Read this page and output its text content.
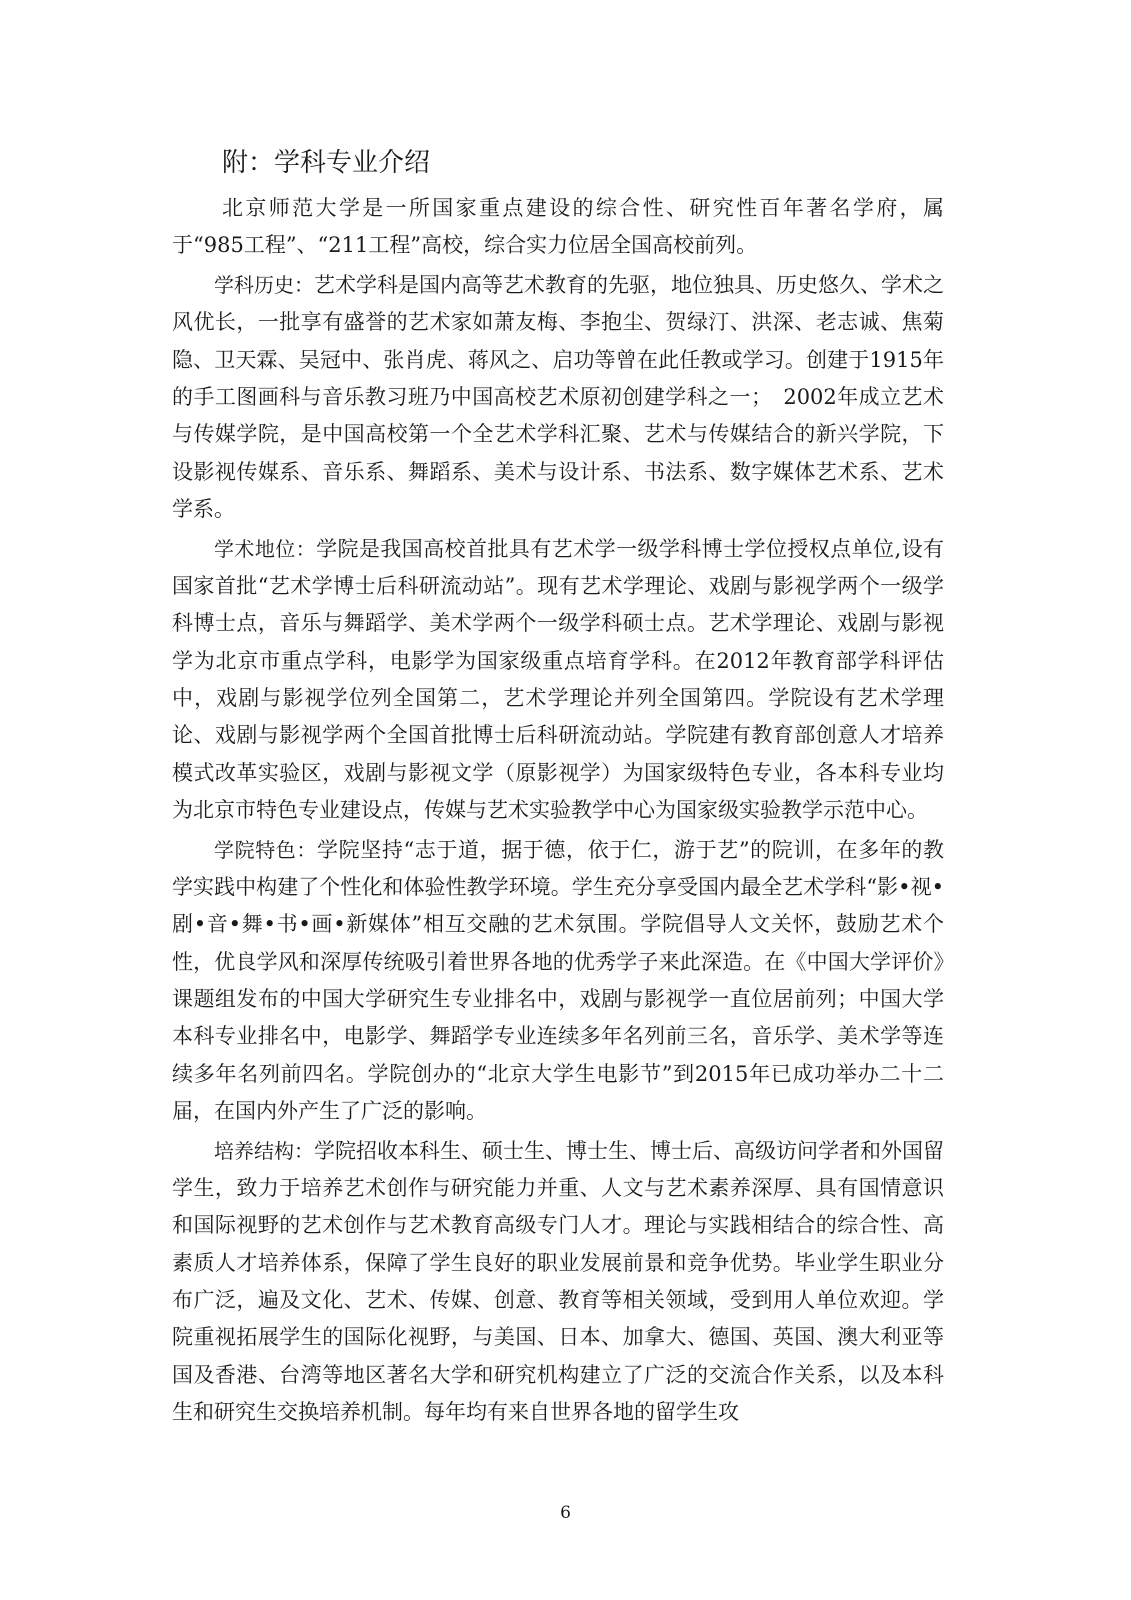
附：学科专业介绍

北京师范大学是一所国家重点建设的综合性、研究性百年著名学府，属于“985工程”、“211工程”高校，综合实力位居全国高校前列。

学科历史：艺术学科是国内高等艺术教育的先驱，地位独具、历史悠久、学术之风优长，一批享有盛誉的艺术家如萧友梅、李抱尘、贺绿汀、洪深、老志诚、焦菊隐、卫天霖、吴冠中、张肖虎、蒋风之、启功等曾在此任教或学习。创建于1915年的手工图画科与音乐教习班乃中国高校艺术原初创建学科之一；　2002年成立艺术与传媒学院，是中国高校第一个全艺术学科汇聚、艺术与传媒结合的新兴学院，下设影视传媒系、音乐系、舞蹈系、美术与设计系、书法系、数字媒体艺术系、艺术学系。

学术地位：学院是我国高校首批具有艺术学一级学科博士学位授权点单位,设有国家首批“艺术学博士后科研流动站”。现有艺术学理论、戏剧与影视学两个一级学科博士点，音乐与舞蹈学、美术学两个一级学科硕士点。艺术学理论、戏剧与影视学为北京市重点学科，电影学为国家级重点培育学科。在2012年教育部学科评估中，戏剧与影视学位列全国第二，艺术学理论并列全国第四。学院设有艺术学理论、戏剧与影视学两个全国首批博士后科研流动站。学院建有教育部创意人才培养模式改革实验区，戏剧与影视文学（原影视学）为国家级特色专业，各本科专业均为北京市特色专业建设点，传媒与艺术实验教学中心为国家级实验教学示范中心。

学院特色：学院坚持“志于道，据于德，依于仁，游于艺”的院训，在多年的教学实践中构建了个性化和体验性教学环境。学生充分享受国内最全艺术学科“影•视•剧•音•舞•书•画•新媒体”相互交融的艺术氛围。学院倡导人文关怀，鼓励艺术个性，优良学风和深厚传统吸引着世界各地的优秀学子来此深造。在《中国大学评价》课题组发布的中国大学研究生专业排名中，戏剧与影视学一直位居前列；中国大学本科专业排名中，电影学、舞蹈学专业连续多年名列前三名，音乐学、美术学等连续多年名列前四名。学院创办的“北京大学生电影节”到2015年已成功举办二十二届，在国内外产生了广泛的影响。

培养结构：学院招收本科生、硕士生、博士生、博士后、高级访问学者和外国留学生，致力于培养艺术创作与研究能力并重、人文与艺术素养深厚、具有国情意识和国际视野的艺术创作与艺术教育高级专门人才。理论与实践相结合的综合性、高素质人才培养体系，保障了学生良好的职业发展前景和竞争优势。毕业学生职业分布广泛，遍及文化、艺术、传媒、创意、教育等相关领域，受到用人单位欢迎。学院重视拓展学生的国际化视野，与美国、日本、加拿大、德国、英国、澳大利亚等国及香港、台湾等地区著名大学和研究机构建立了广泛的交流合作关系，以及本科生和研究生交换培养机制。每年均有来自世界各地的留学生攻

6
